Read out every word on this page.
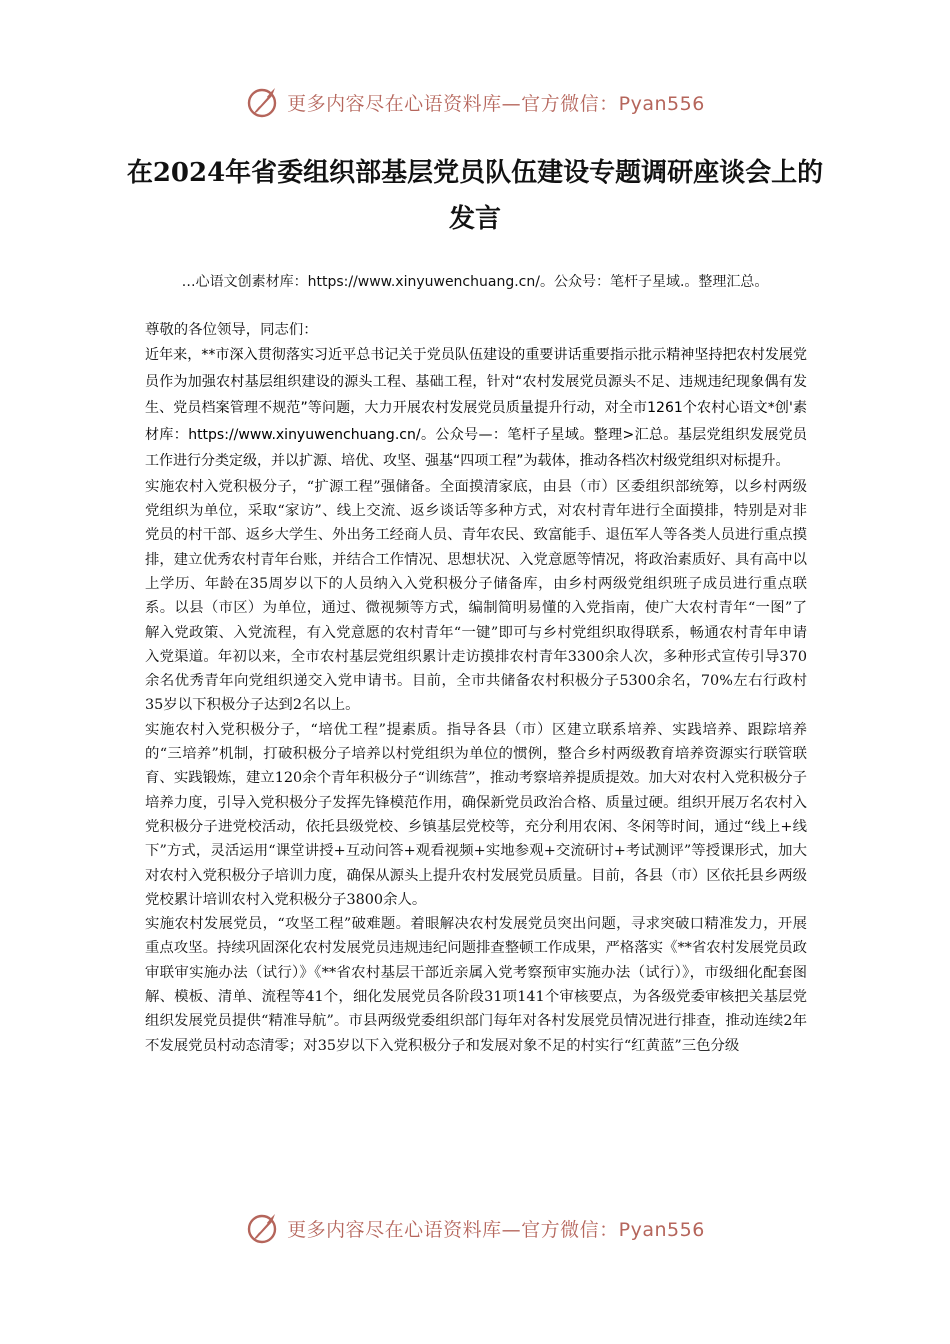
更多内容尽在心语资料库—官方微信：Pyan556
在2024年省委组织部基层党员队伍建设专题调研座谈会上的发言
…心语文创素材库：https://www.xinyuwenchuang.cn/。公众号：笔杆子星域.。整理汇总。

尊敬的各位领导，同志们：

近年来，**市深入贯彻落实习近平总书记关于党员队伍建设的重要讲话重要指示批示精神坚持把农村发展党员作为加强农村基层组织建设的源头工程、基础工程，针对“农村发展党员源头不足、违规违纪现象偶有发生、党员档案管理不规范”等问题，大力开展农村发展党员质量提升行动，对全市1261个农村心语文*创'素材库：https://www.xinyuwenchuang.cn/。公众号—：笔杆子星域。整理>汇总。基层党组织发展党员工作进行分类定级，并以扩源、培优、攻坚、强基“四项工程”为载体，推动各档次村级党组织对标提升。

实施农村入党积极分子，“扩源工程”强储备。全面摸清家底，由县（市）区委组织部统筹，以乡村两级党组织为单位，采取“家访”、线上交流、返乡谈话等多种方式，对农村青年进行全面摸排，特别是对非党员的村干部、返乡大学生、外出务工经商人员、青年农民、致富能手、退伍军人等各类人员进行重点摸排，建立优秀农村青年台账，并结合工作情况、思想状况、入党意愿等情况，将政治素质好、具有高中以上学历、年龄在35周岁以下的人员纳入入党积极分子储备库，由乡村两级党组织班子成员进行重点联系。以县（市区）为单位，通过、微视频等方式，编制简明易懂的入党指南，使广大农村青年“一图”了解入党政策、入党流程，有入党意愿的农村青年“一键”即可与乡村党组织取得联系，畅通农村青年申请入党渠道。年初以来，全市农村基层党组织累计走访摸排农村青年3300余人次，多种形式宣传引导370余名优秀青年向党组织递交入党申请书。目前，全市共储备农村积极分子5300余名，70%左右行政村35岁以下积极分子达到2名以上。

实施农村入党积极分子，“培优工程”提素质。指导各县（市）区建立联系培养、实践培养、跟踪培养的“三培养”机制，打破积极分子培养以村党组织为单位的惯例，整合乡村两级教育培养资源实行联管联育、实践锻炼，建立120余个青年积极分子“训练营”，推动考察培养提质提效。加大对农村入党积极分子培养力度，引导入党积极分子发挥先锋模范作用，确保新党员政治合格、质量过硬。组织开展万名农村入党积极分子进党校活动，依托县级党校、乡镇基层党校等，充分利用农闲、冬闲等时间，通过“线上+线下”方式，灵活运用“课堂讲授+互动问答+观看视频+实地参观+交流研讨+考试测评”等授课形式，加大对农村入党积极分子培训力度，确保从源头上提升农村发展党员质量。目前，各县（市）区依托县乡两级党校累计培训农村入党积极分子3800余人。

实施农村发展党员，“攻坚工程”破难题。着眼解决农村发展党员突出问题，寻求突破口精准发力，开展重点攻坚。持续巩固深化农村发展党员违规违纪问题排查整顿工作成果，严格落实《**省农村发展党员政审联审实施办法（试行）》《**省农村基层干部近亲属入党考察预审实施办法（试行）》，市级细化配套图解、模板、清单、流程等41个，细化发展党员各阶段31项141个审核要点，为各级党委审核把关基层党组织发展党员提供“精准导航”。市县两级党委组织部门每年对各村发展党员情况进行排查，推动连续2年不发展党员村动态清零；对35岁以下入党积极分子和发展对象不足的村实行“红黄蓝”三色分级

更多内容尽在心语资料库—官方微信：Pyan556
